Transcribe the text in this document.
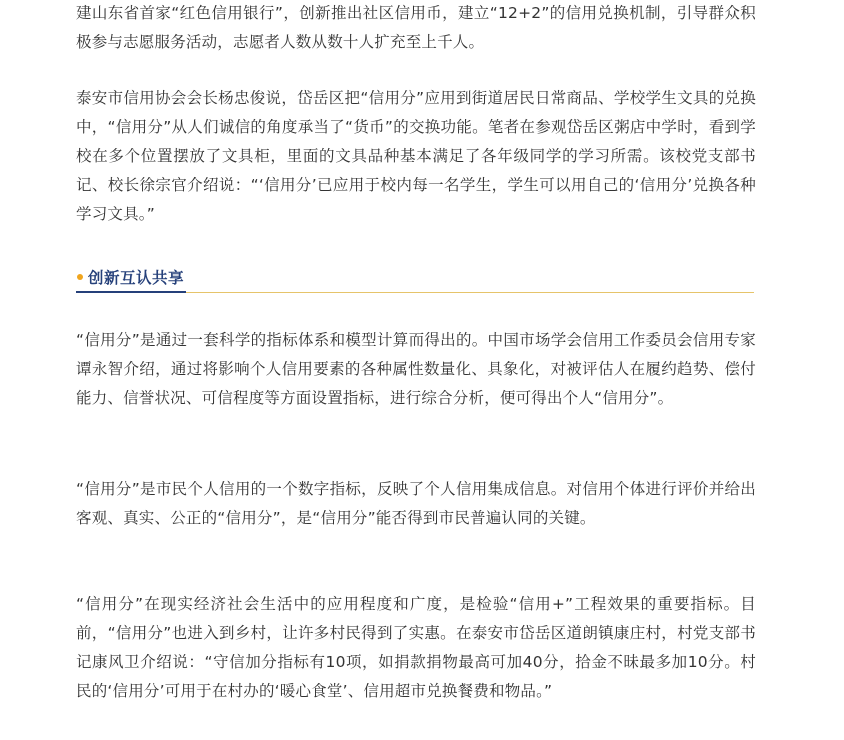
建山东省首家“红色信用银行”，创新推出社区信用币，建立“12+2”的信用兑换机制，引导群众积极参与志愿服务活动，志愿者人数从数十人扩充至上千人。

泰安市信用协会会长杨忠俊说，岱岳区把“信用分”应用到街道居民日常商品、学校学生文具的兑换中，“信用分”从人们诚信的角度承当了“货币”的交换功能。笔者在参观岱岳区粥店中学时，看到学校在多个位置摆放了文具柜，里面的文具品种基本满足了各年级同学的学习所需。该校党支部书记、校长徐宗官介绍说：“‘信用分’已应用于校内每一名学生，学生可以用自己的‘信用分’兑换各种学习文具。”

创新互认共享

“信用分”是通过一套科学的指标体系和模型计算而得出的。中国市场学会信用工作委员会信用专家谭永智介绍，通过将影响个人信用要素的各种属性数量化、具象化，对被评估人在履约趋势、偿付能力、信誉状况、可信程度等方面设置指标，进行综合分析，便可得出个人“信用分”。

“信用分”是市民个人信用的一个数字指标，反映了个人信用集成信息。对信用个体进行评价并给出客观、真实、公正的“信用分”，是“信用分”能否得到市民普遍认同的关键。

“信用分”在现实经济社会生活中的应用程度和广度，是检验“信用+”工程效果的重要指标。目前，“信用分”也进入到乡村，让许多村民得到了实惠。在泰安市岱岳区道朗镇康庄村，村党支部书记康风卫介绍说：“守信加分指标有10项，如捐款捐物最高可加40分，拾金不昧最多加10分。村民的‘信用分’可用于在村办的‘暖心食堂’、信用超市兑换餐费和物品。”
